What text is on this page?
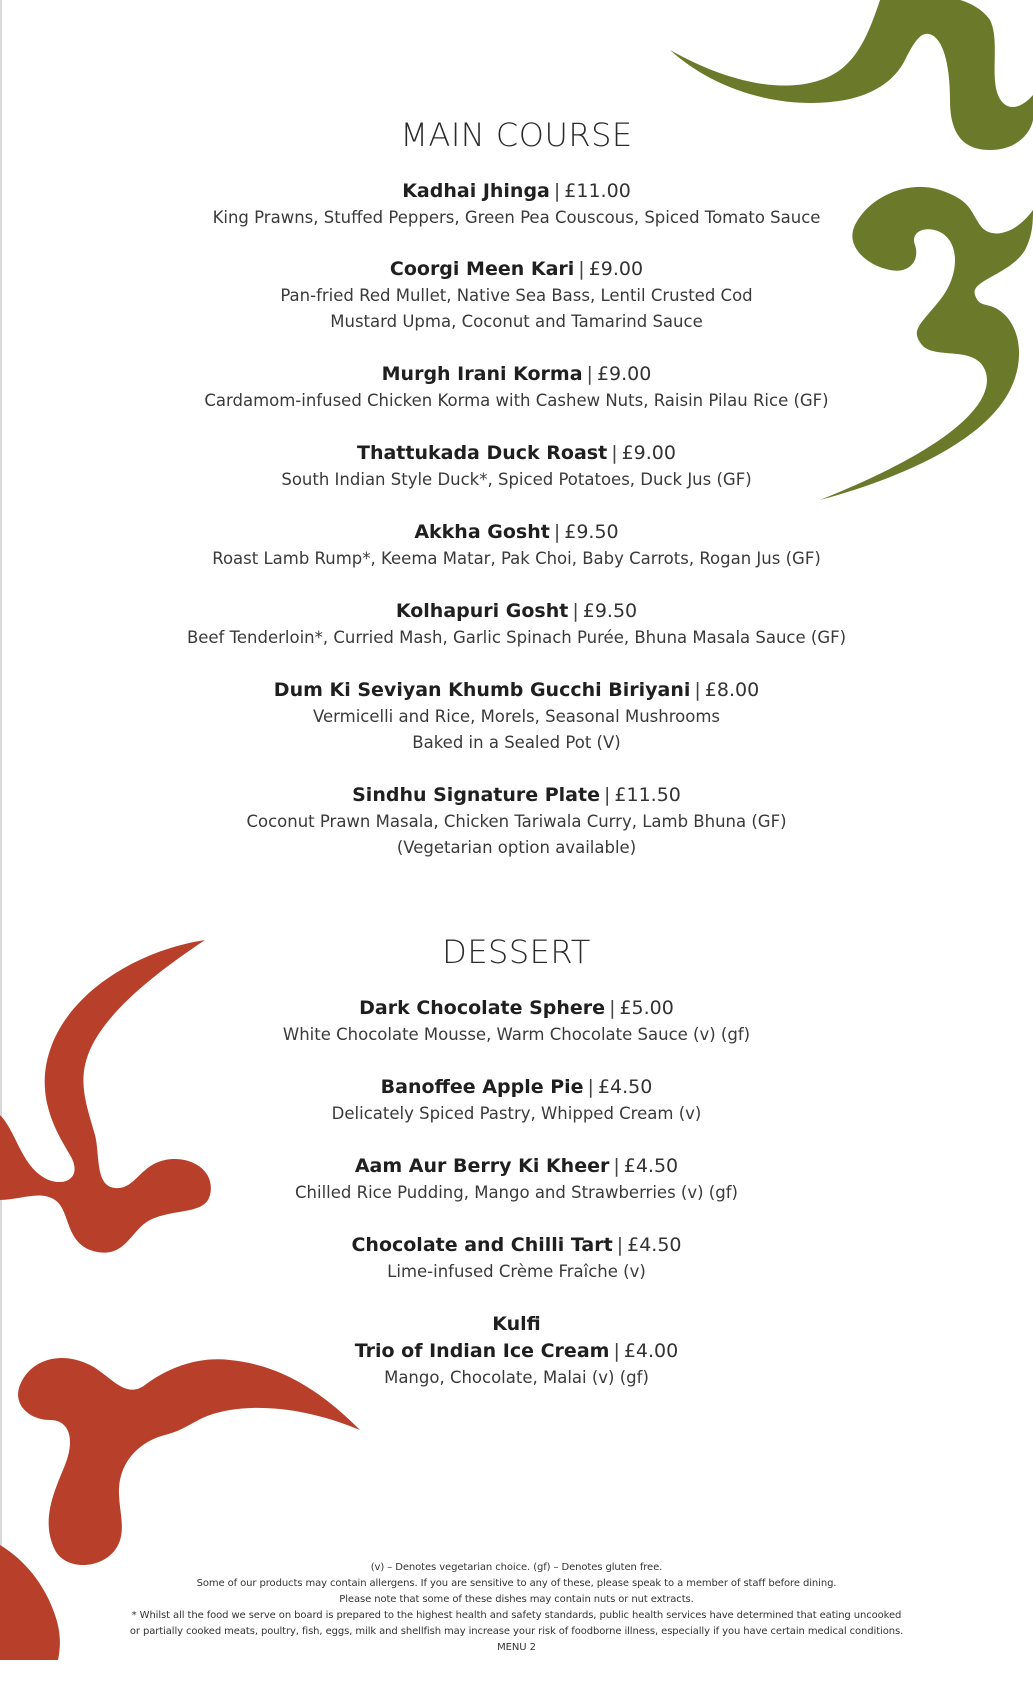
MAIN COURSE
Kadhai Jhinga | £11.00
King Prawns, Stuffed Peppers, Green Pea Couscous, Spiced Tomato Sauce
Coorgi Meen Kari | £9.00
Pan-fried Red Mullet, Native Sea Bass, Lentil Crusted Cod
Mustard Upma, Coconut and Tamarind Sauce
Murgh Irani Korma | £9.00
Cardamom-infused Chicken Korma with Cashew Nuts, Raisin Pilau Rice (GF)
Thattukada Duck Roast | £9.00
South Indian Style Duck*, Spiced Potatoes, Duck Jus (GF)
Akkha Gosht | £9.50
Roast Lamb Rump*, Keema Matar, Pak Choi, Baby Carrots, Rogan Jus (GF)
Kolhapuri Gosht | £9.50
Beef Tenderloin*, Curried Mash, Garlic Spinach Purée, Bhuna Masala Sauce (GF)
Dum Ki Seviyan Khumb Gucchi Biriyani | £8.00
Vermicelli and Rice, Morels, Seasonal Mushrooms
Baked in a Sealed Pot (V)
Sindhu Signature Plate | £11.50
Coconut Prawn Masala, Chicken Tariwala Curry, Lamb Bhuna (GF)
(Vegetarian option available)
DESSERT
Dark Chocolate Sphere | £5.00
White Chocolate Mousse, Warm Chocolate Sauce (v) (gf)
Banoffee Apple Pie | £4.50
Delicately Spiced Pastry, Whipped Cream (v)
Aam Aur Berry Ki Kheer | £4.50
Chilled Rice Pudding, Mango and Strawberries (v) (gf)
Chocolate and Chilli Tart | £4.50
Lime-infused Crème Fraîche (v)
Kulfi
Trio of Indian Ice Cream | £4.00
Mango, Chocolate, Malai (v) (gf)
(v) – Denotes vegetarian choice. (gf) – Denotes gluten free.
Some of our products may contain allergens. If you are sensitive to any of these, please speak to a member of staff before dining.
Please note that some of these dishes may contain nuts or nut extracts.
* Whilst all the food we serve on board is prepared to the highest health and safety standards, public health services have determined that eating uncooked
or partially cooked meats, poultry, fish, eggs, milk and shellfish may increase your risk of foodborne illness, especially if you have certain medical conditions.
MENU 2
